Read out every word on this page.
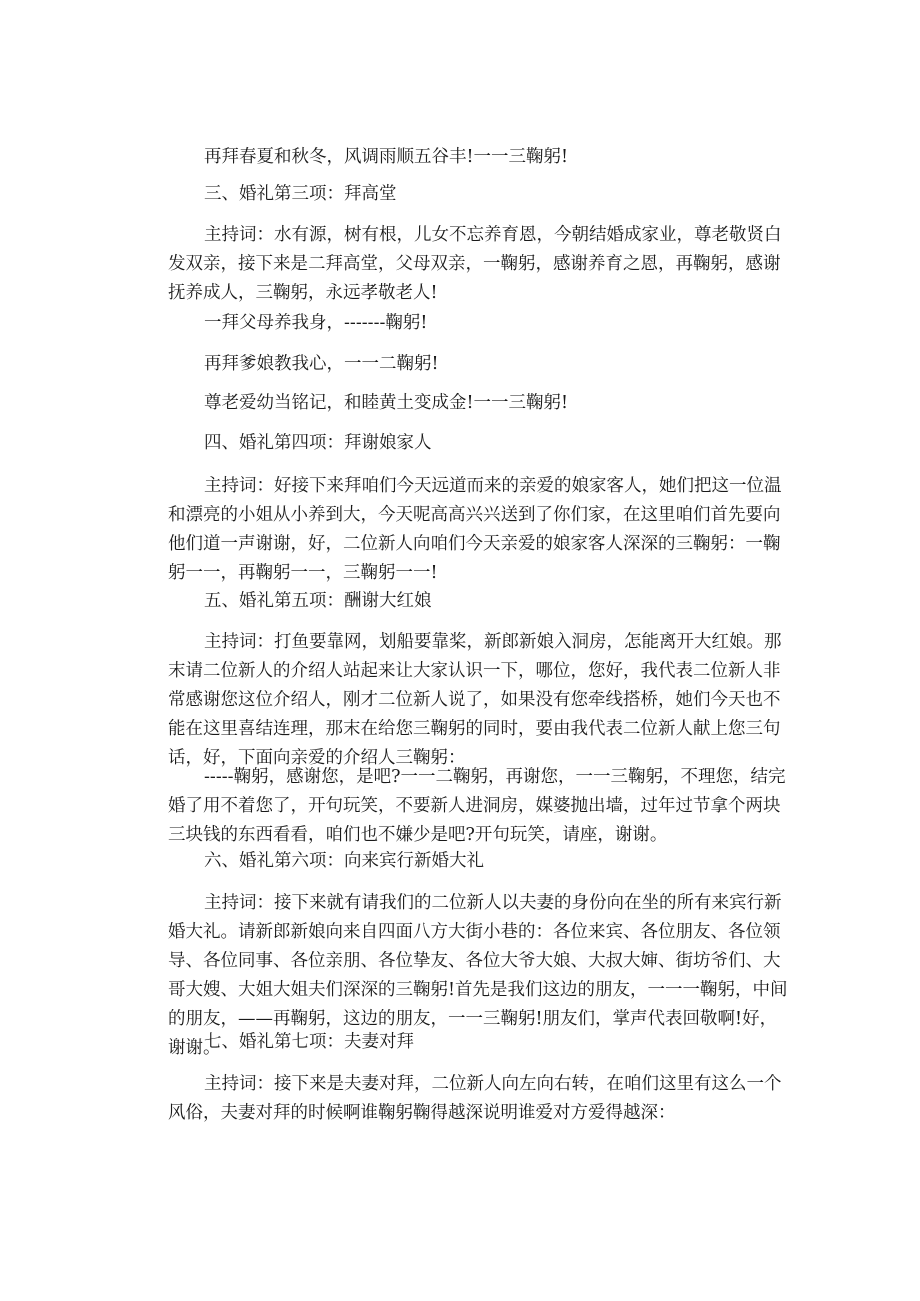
再拜春夏和秋冬，风调雨顺五谷丰!一一三鞠躬!

三、婚礼第三项：拜高堂

主持词：水有源，树有根，儿女不忘养育恩，今朝结婚成家业，尊老敬贤白发双亲，接下来是二拜高堂，父母双亲，一鞠躬，感谢养育之恩，再鞠躬，感谢抚养成人，三鞠躬，永远孝敬老人!

一拜父母养我身，-------鞠躬!

再拜爹娘教我心，一一二鞠躬!

尊老爱幼当铭记，和睦黄土变成金!一一三鞠躬!

四、婚礼第四项：拜谢娘家人

主持词：好接下来拜咱们今天远道而来的亲爱的娘家客人，她们把这一位温和漂亮的小姐从小养到大，今天呢高高兴兴送到了你们家，在这里咱们首先要向他们道一声谢谢，好，二位新人向咱们今天亲爱的娘家客人深深的三鞠躬：一鞠躬一一，再鞠躬一一，三鞠躬一一!

五、婚礼第五项：酬谢大红娘

主持词：打鱼要靠网，划船要靠桨，新郎新娘入洞房，怎能离开大红娘。那末请二位新人的介绍人站起来让大家认识一下，哪位，您好，我代表二位新人非常感谢您这位介绍人，刚才二位新人说了，如果没有您牵线搭桥，她们今天也不能在这里喜结连理，那末在给您三鞠躬的同时，要由我代表二位新人献上您三句话，好，下面向亲爱的介绍人三鞠躬：

-----鞠躬，感谢您，是吧?一一二鞠躬，再谢您，一一三鞠躬，不理您，结完婚了用不着您了，开句玩笑，不要新人进洞房，媒婆抛出墙，过年过节拿个两块三块钱的东西看看，咱们也不嫌少是吧?开句玩笑，请座，谢谢。

六、婚礼第六项：向来宾行新婚大礼

主持词：接下来就有请我们的二位新人以夫妻的身份向在坐的所有来宾行新婚大礼。请新郎新娘向来自四面八方大街小巷的：各位来宾、各位朋友、各位领导、各位同事、各位亲朋、各位挚友、各位大爷大娘、大叔大婶、街坊爷们、大哥大嫂、大姐大姐夫们深深的三鞠躬!首先是我们这边的朋友，一一一鞠躬，中间的朋友，——再鞠躬，这边的朋友，一一三鞠躬!朋友们，掌声代表回敬啊!好，谢谢。

七、婚礼第七项：夫妻对拜

主持词：接下来是夫妻对拜，二位新人向左向右转，在咱们这里有这么一个风俗，夫妻对拜的时候啊谁鞠躬鞠得越深说明谁爱对方爱得越深：
